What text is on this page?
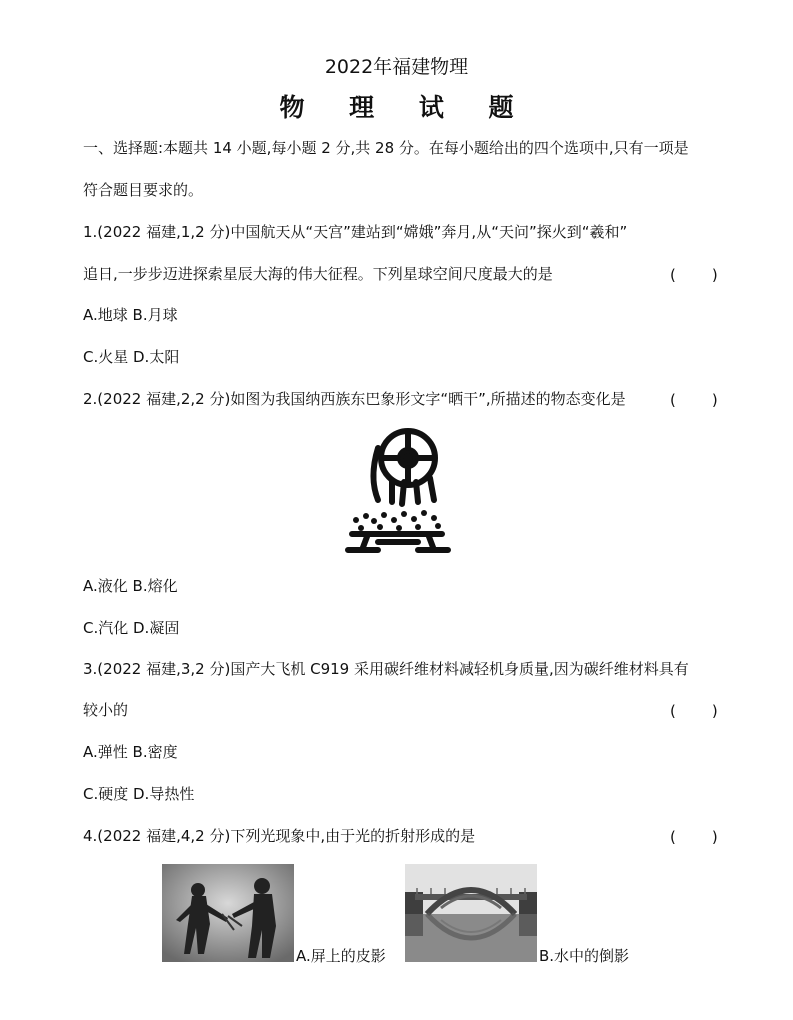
2022年福建物理
物 理 试 题
一、选择题:本题共 14 小题,每小题 2 分,共 28 分。在每小题给出的四个选项中,只有一项是
符合题目要求的。
1.(2022 福建,1,2 分)中国航天从“天宫”建站到“嫦娥”奔月,从“天问”探火到“羲和”
追日,一步步迈进探索星辰大海的伟大征程。下列星球空间尺度最大的是	(　　)
A.地球 B.月球
C.火星 D.太阳
2.(2022 福建,2,2 分)如图为我国纳西族东巴象形文字“晒干”,所描述的物态变化是	(　　)
A.液化 B.熔化
C.汽化 D.凝固
3.(2022 福建,3,2 分)国产大飞机 C919 采用碳纤维材料减轻机身质量,因为碳纤维材料具有
较小的	(　　)
A.弹性 B.密度
C.硬度 D.导热性
4.(2022 福建,4,2 分)下列光现象中,由于光的折射形成的是	(　　)
A.屏上的皮影	B.水中的倒影
